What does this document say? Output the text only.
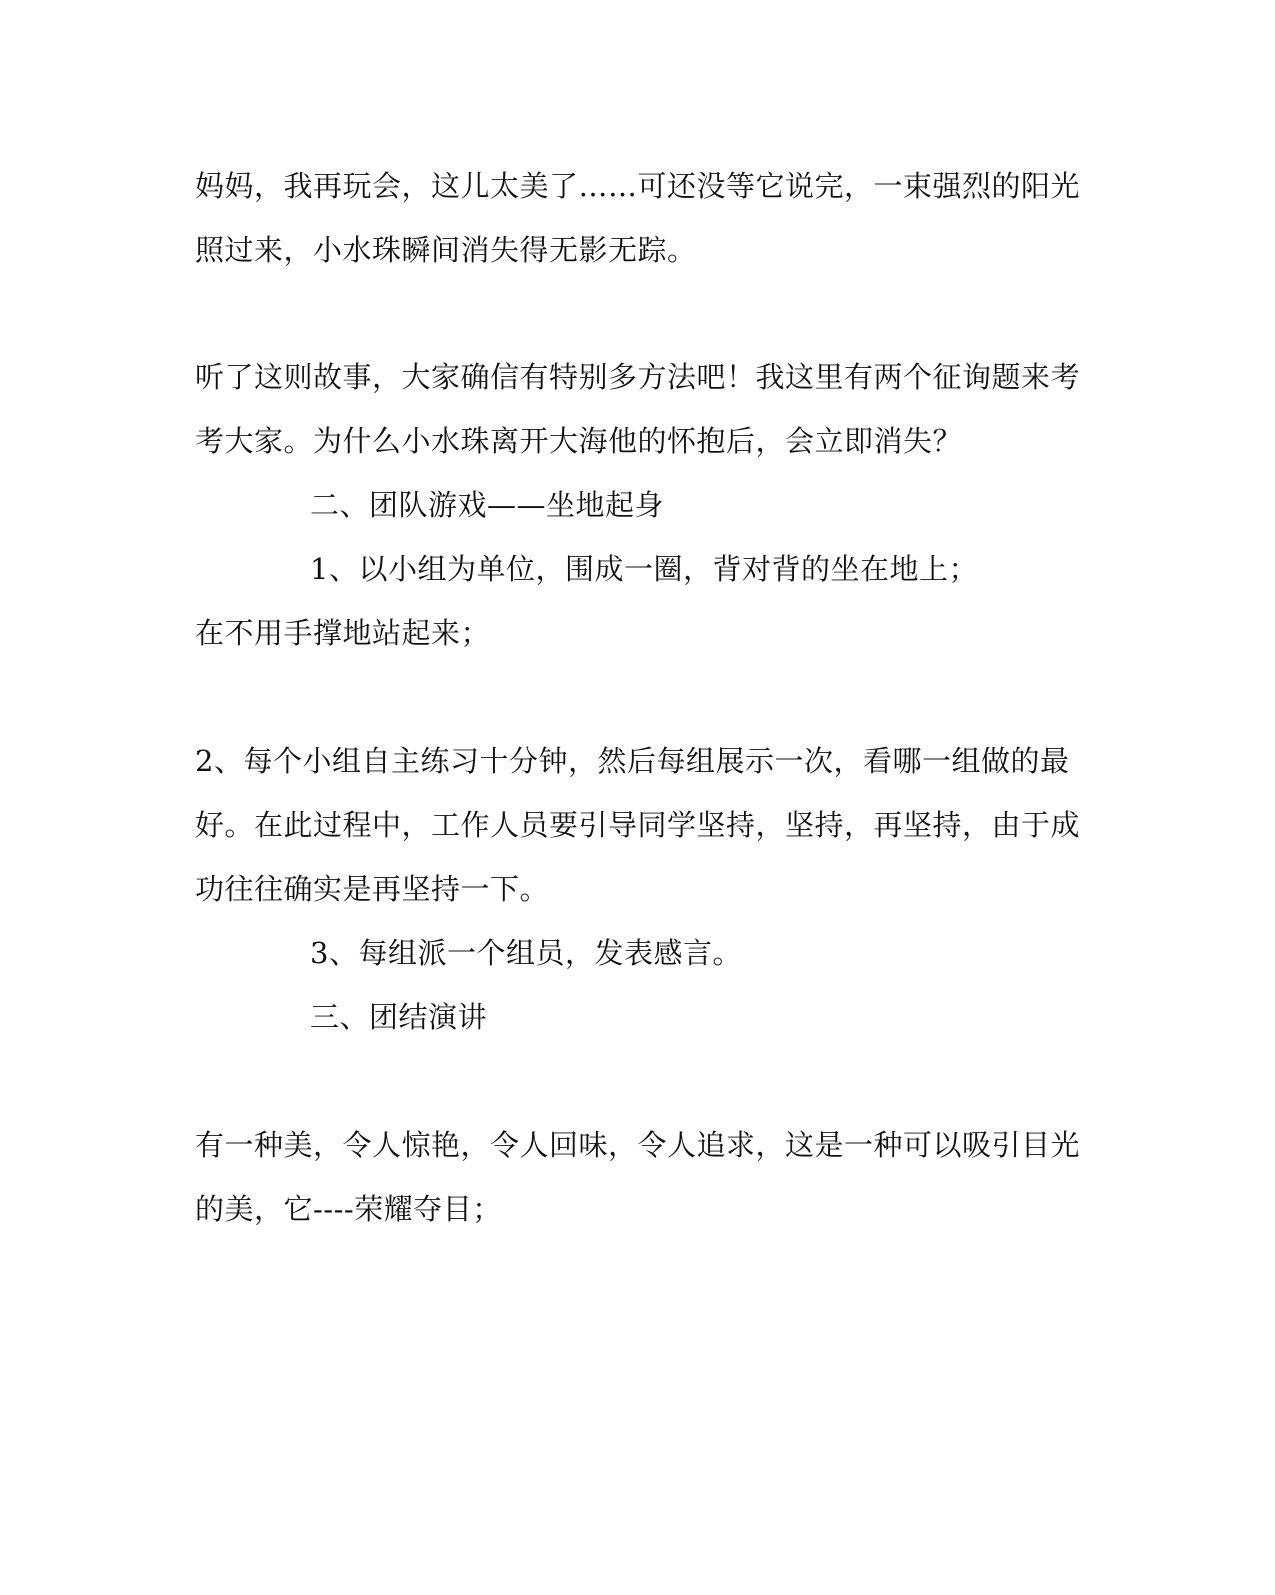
妈妈，我再玩会，这儿太美了……可还没等它说完，一束强烈的阳光
照过来，小水珠瞬间消失得无影无踪。
听了这则故事，大家确信有特别多方法吧！我这里有两个征询题来考
考大家。为什么小水珠离开大海他的怀抱后，会立即消失？
二、团队游戏——坐地起身
1、以小组为单位，围成一圈，背对背的坐在地上；
在不用手撑地站起来；
2、每个小组自主练习十分钟，然后每组展示一次，看哪一组做的最
好。在此过程中，工作人员要引导同学坚持，坚持，再坚持，由于成
功往往确实是再坚持一下。
3、每组派一个组员，发表感言。
三、团结演讲
有一种美，令人惊艳，令人回味，令人追求，这是一种可以吸引目光
的美，它----荣耀夺目；
